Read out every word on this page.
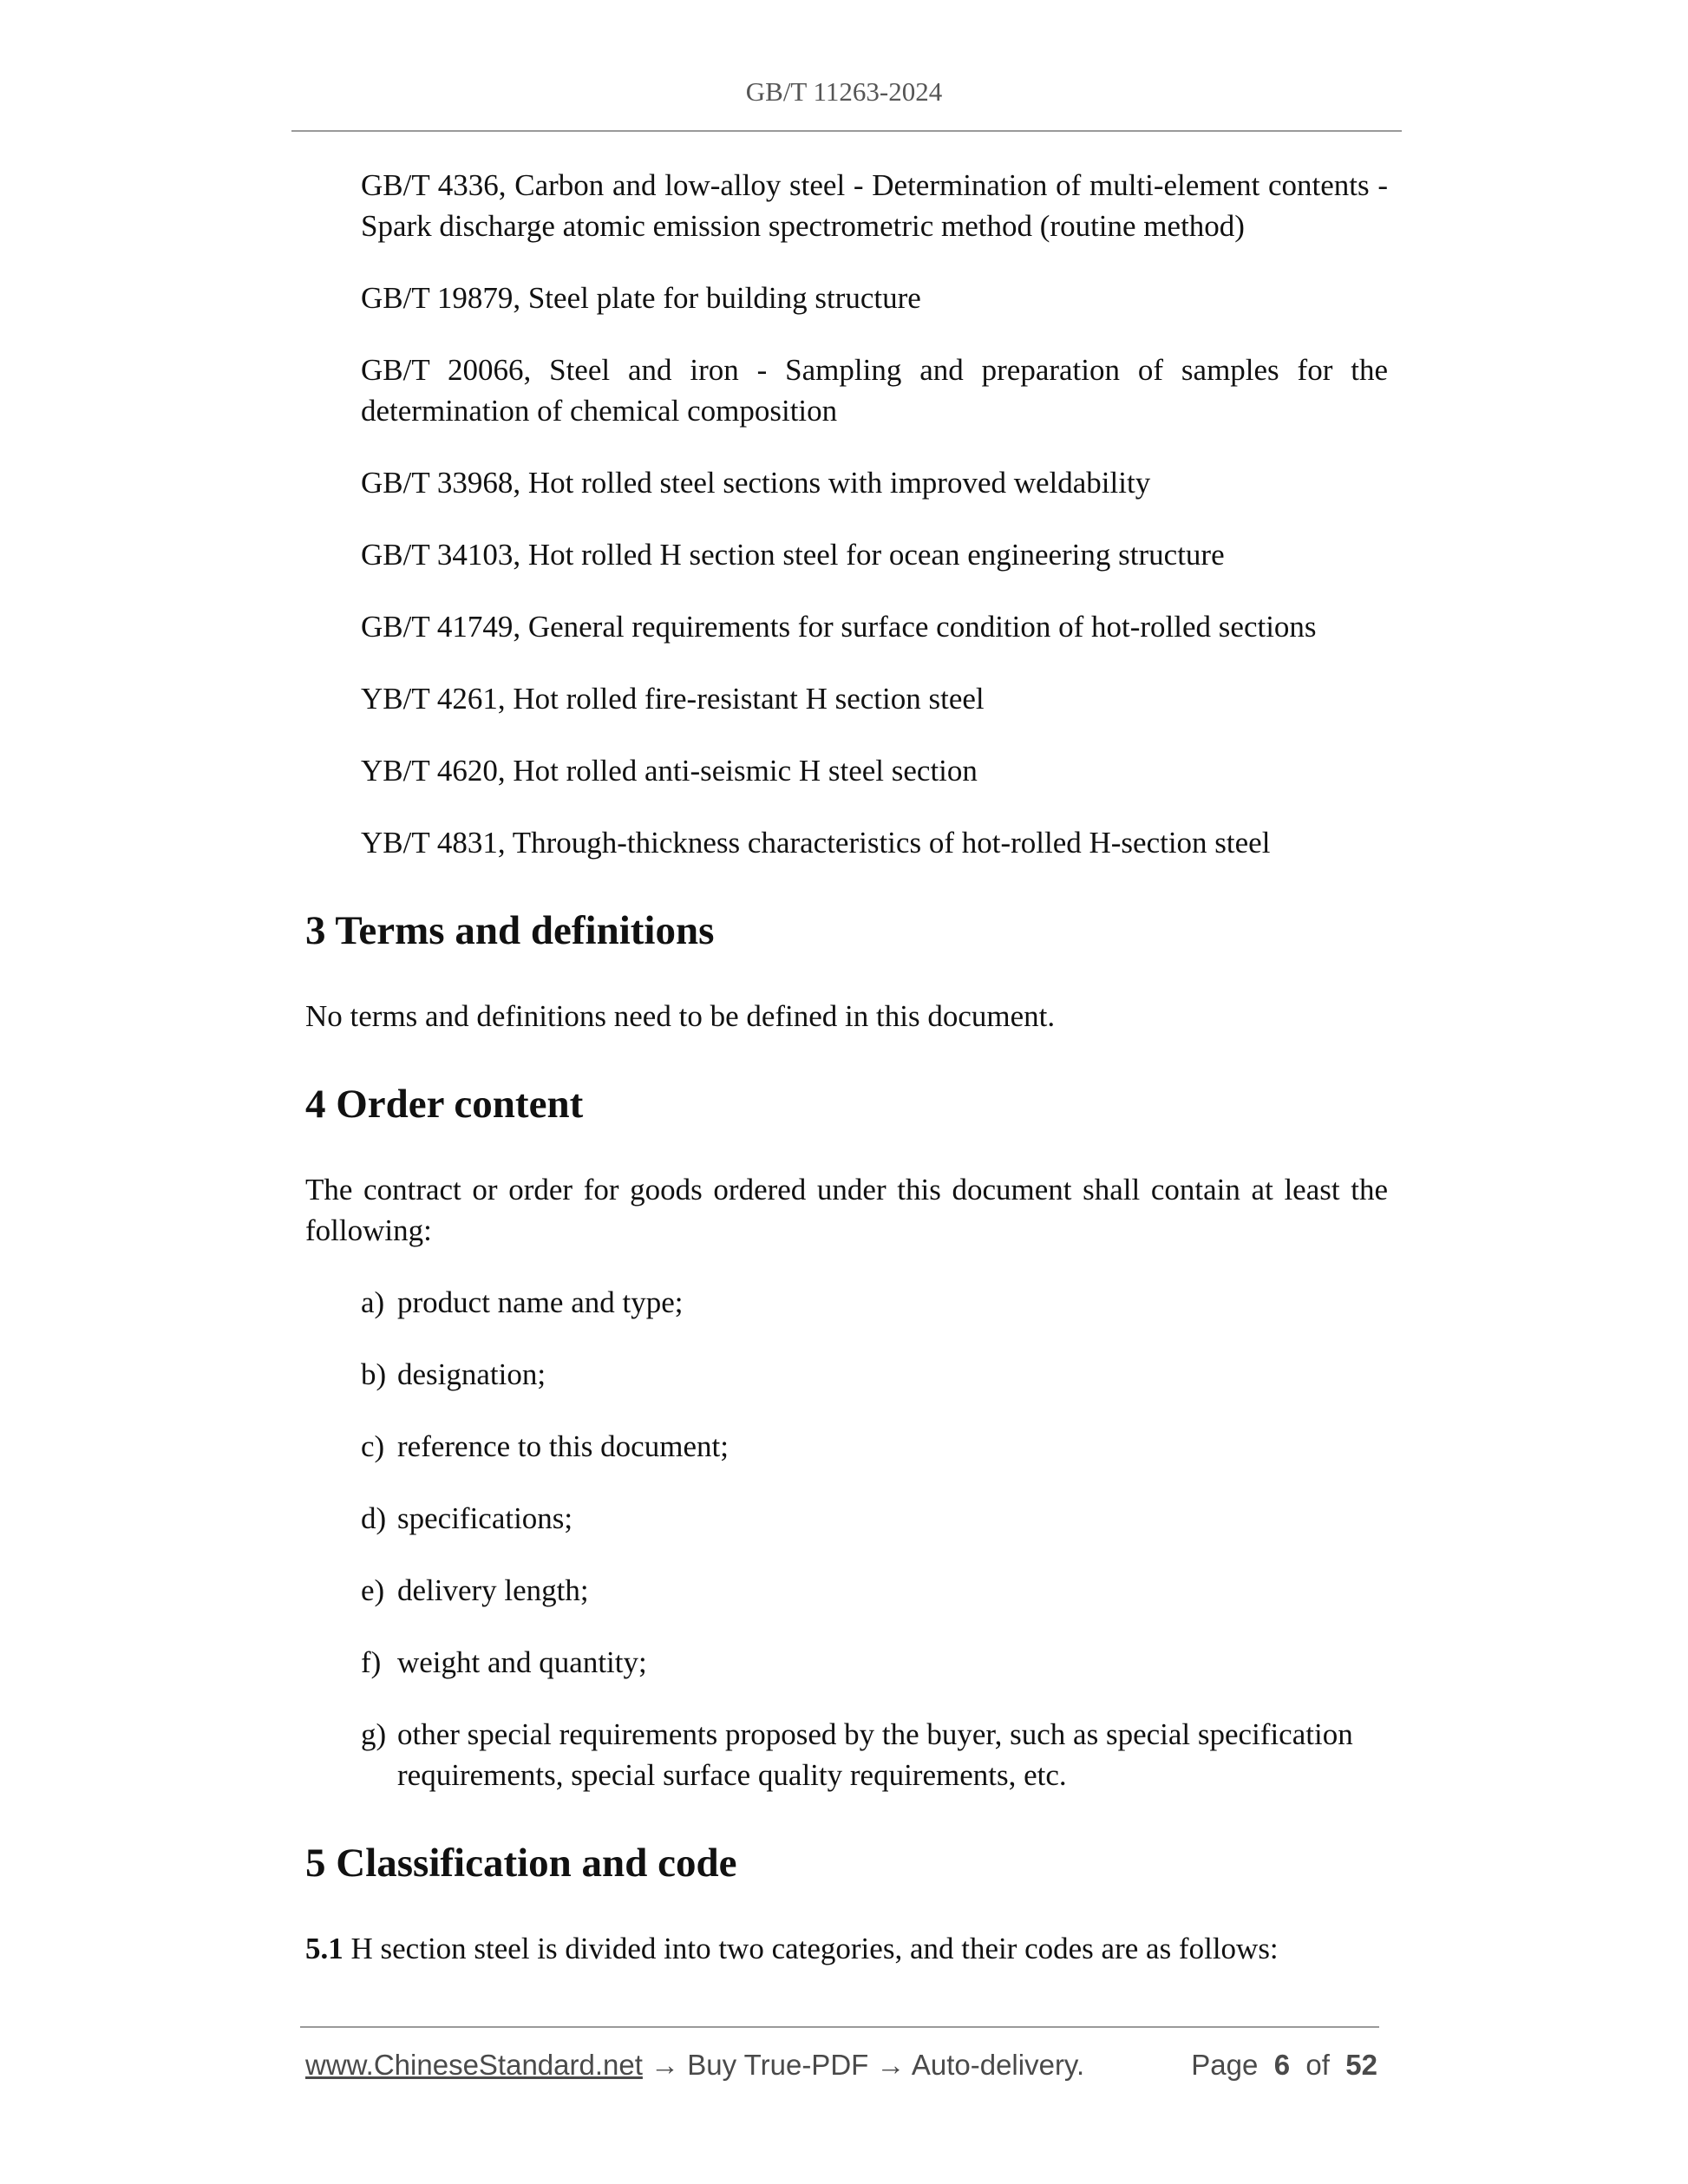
GB/T 11263-2024

GB/T 4336, Carbon and low-alloy steel - Determination of multi-element contents - Spark discharge atomic emission spectrometric method (routine method)

GB/T 19879, Steel plate for building structure

GB/T 20066, Steel and iron - Sampling and preparation of samples for the determination of chemical composition

GB/T 33968, Hot rolled steel sections with improved weldability

GB/T 34103, Hot rolled H section steel for ocean engineering structure

GB/T 41749, General requirements for surface condition of hot-rolled sections

YB/T 4261, Hot rolled fire-resistant H section steel

YB/T 4620, Hot rolled anti-seismic H steel section

YB/T 4831, Through-thickness characteristics of hot-rolled H-section steel

3 Terms and definitions

No terms and definitions need to be defined in this document.

4 Order content

The contract or order for goods ordered under this document shall contain at least the following:

a) product name and type;
b) designation;
c) reference to this document;
d) specifications;
e) delivery length;
f) weight and quantity;
g) other special requirements proposed by the buyer, such as special specification requirements, special surface quality requirements, etc.
5 Classification and code

5.1 H section steel is divided into two categories, and their codes are as follows:

www.ChineseStandard.net → Buy True-PDF → Auto-delivery.	Page 6 of 52
